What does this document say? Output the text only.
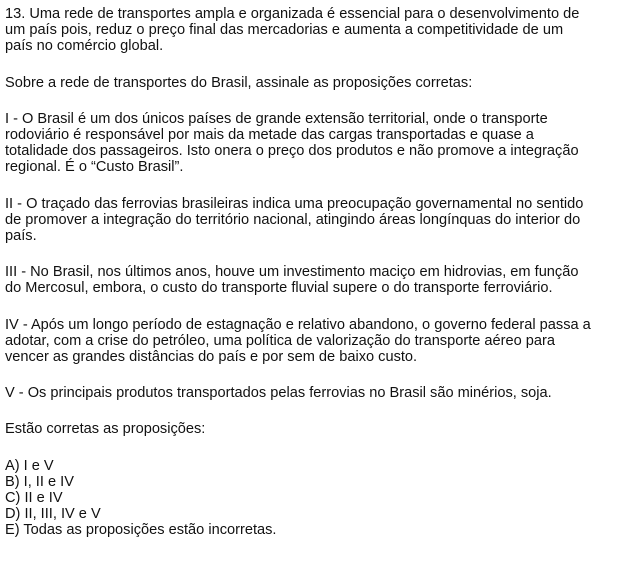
13. Uma rede de transportes ampla e organizada é essencial para o desenvolvimento de
um país pois, reduz o preço final das mercadorias e aumenta a competitividade de um
país no comércio global.

Sobre a rede de transportes do Brasil, assinale as proposições corretas:

I - O Brasil é um dos únicos países de grande extensão territorial, onde o transporte
rodoviário é responsável por mais da metade das cargas transportadas e quase a
totalidade dos passageiros. Isto onera o preço dos produtos e não promove a integração
regional. É o “Custo Brasil”.

II - O traçado das ferrovias brasileiras indica uma preocupação governamental no sentido
de promover a integração do território nacional, atingindo áreas longínquas do interior do
país.

III - No Brasil, nos últimos anos, houve um investimento maciço em hidrovias, em função
do Mercosul, embora, o custo do transporte fluvial supere o do transporte ferroviário.

IV - Após um longo período de estagnação e relativo abandono, o governo federal passa a
adotar, com a crise do petróleo, uma política de valorização do transporte aéreo para
vencer as grandes distâncias do país e por sem de baixo custo.

V - Os principais produtos transportados pelas ferrovias no Brasil são minérios, soja.

Estão corretas as proposições:

A) I e V
B) I, II e IV
C) II e IV
D) II, III, IV e V
E) Todas as proposições estão incorretas.
